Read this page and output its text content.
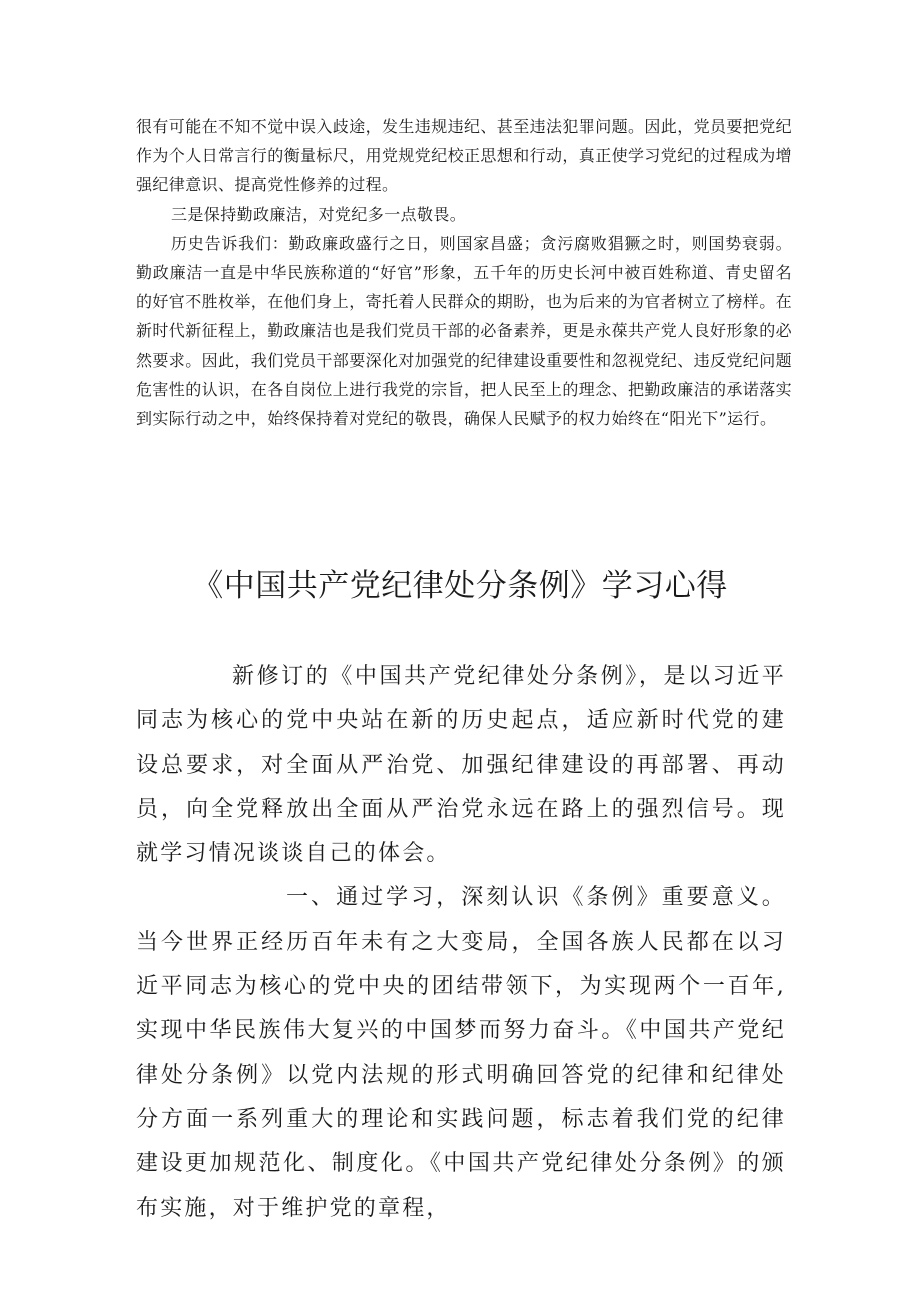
很有可能在不知不觉中误入歧途，发生违规违纪、甚至违法犯罪问题。因此，党员要把党纪作为个人日常言行的衡量标尺，用党规党纪校正思想和行动，真正使学习党纪的过程成为增强纪律意识、提高党性修养的过程。

三是保持勤政廉洁，对党纪多一点敬畏。

历史告诉我们：勤政廉政盛行之日，则国家昌盛；贪污腐败猖獗之时，则国势衰弱。勤政廉洁一直是中华民族称道的“好官”形象，五千年的历史长河中被百姓称道、青史留名的好官不胜枚举，在他们身上，寄托着人民群众的期盼，也为后来的为官者树立了榜样。在新时代新征程上，勤政廉洁也是我们党员干部的必备素养，更是永葆共产党人良好形象的必然要求。因此，我们党员干部要深化对加强党的纪律建设重要性和忽视党纪、违反党纪问题危害性的认识，在各自岗位上进行我党的宗旨，把人民至上的理念、把勤政廉洁的承诺落实到实际行动之中，始终保持着对党纪的敬畏，确保人民赋予的权力始终在“阳光下”运行。

《中国共产党纪律处分条例》学习心得

新修订的《中国共产党纪律处分条例》，是以习近平同志为核心的党中央站在新的历史起点，适应新时代党的建设总要求，对全面从严治党、加强纪律建设的再部署、再动员，向全党释放出全面从严治党永远在路上的强烈信号。现就学习情况谈谈自己的体会。

一、通过学习，深刻认识《条例》重要意义。当今世界正经历百年未有之大变局，全国各族人民都在以习近平同志为核心的党中央的团结带领下，为实现两个一百年,实现中华民族伟大复兴的中国梦而努力奋斗。《中国共产党纪律处分条例》以党内法规的形式明确回答党的纪律和纪律处分方面一系列重大的理论和实践问题，标志着我们党的纪律建设更加规范化、制度化。《中国共产党纪律处分条例》的颁布实施，对于维护党的章程，
